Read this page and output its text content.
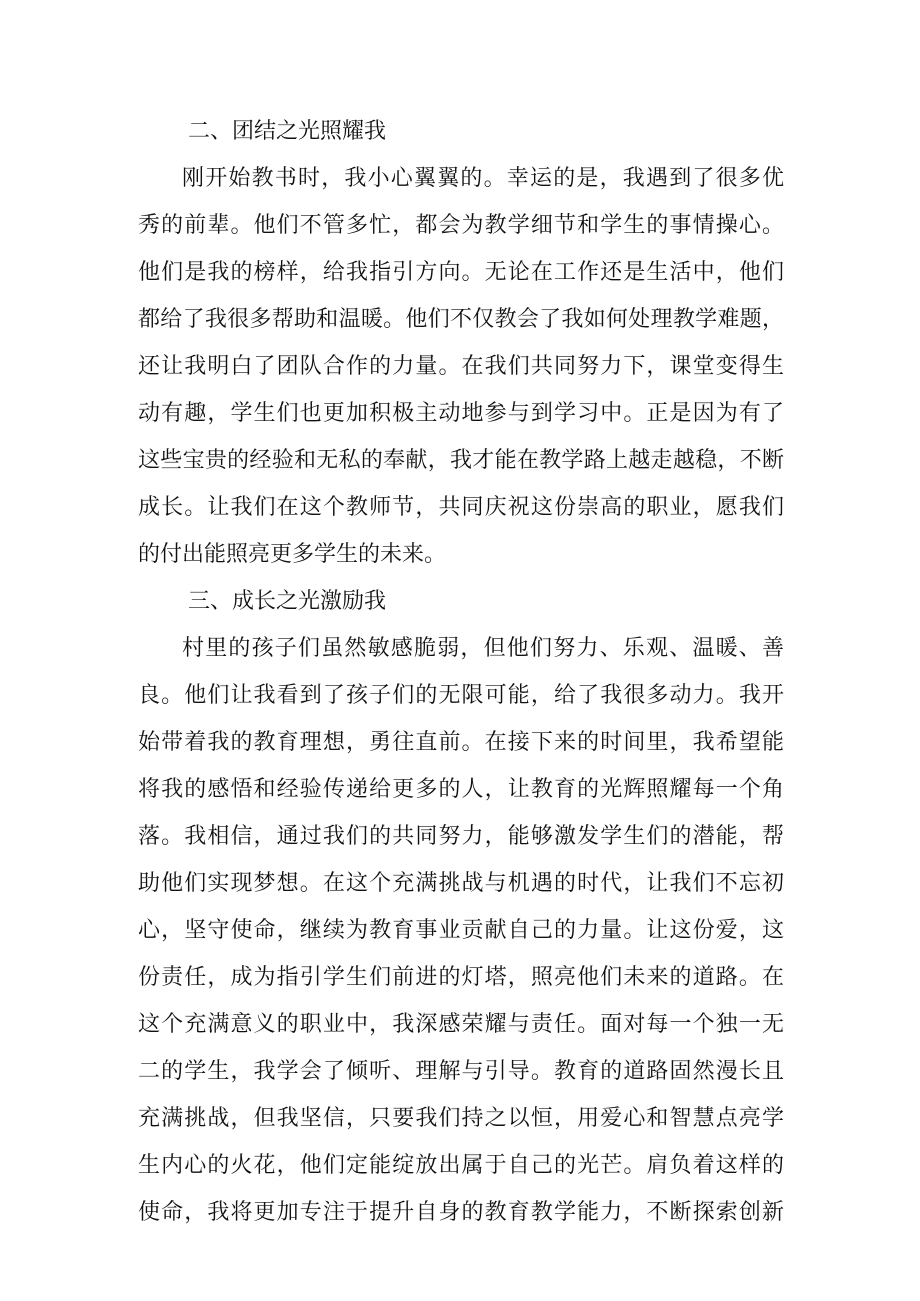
二、团结之光照耀我
刚开始教书时，我小心翼翼的。幸运的是，我遇到了很多优
秀的前辈。他们不管多忙，都会为教学细节和学生的事情操心。
他们是我的榜样，给我指引方向。无论在工作还是生活中，他们
都给了我很多帮助和温暖。他们不仅教会了我如何处理教学难题，
还让我明白了团队合作的力量。在我们共同努力下，课堂变得生
动有趣，学生们也更加积极主动地参与到学习中。正是因为有了
这些宝贵的经验和无私的奉献，我才能在教学路上越走越稳，不断
成长。让我们在这个教师节，共同庆祝这份崇高的职业，愿我们
的付出能照亮更多学生的未来。
三、成长之光激励我
村里的孩子们虽然敏感脆弱，但他们努力、乐观、温暖、善
良。他们让我看到了孩子们的无限可能，给了我很多动力。我开
始带着我的教育理想，勇往直前。在接下来的时间里，我希望能
将我的感悟和经验传递给更多的人，让教育的光辉照耀每一个角
落。我相信，通过我们的共同努力，能够激发学生们的潜能，帮
助他们实现梦想。在这个充满挑战与机遇的时代，让我们不忘初
心，坚守使命，继续为教育事业贡献自己的力量。让这份爱，这
份责任，成为指引学生们前进的灯塔，照亮他们未来的道路。在
这个充满意义的职业中，我深感荣耀与责任。面对每一个独一无
二的学生，我学会了倾听、理解与引导。教育的道路固然漫长且
充满挑战，但我坚信，只要我们持之以恒，用爱心和智慧点亮学
生内心的火花，他们定能绽放出属于自己的光芒。肩负着这样的
使命，我将更加专注于提升自身的教育教学能力，不断探索创新
